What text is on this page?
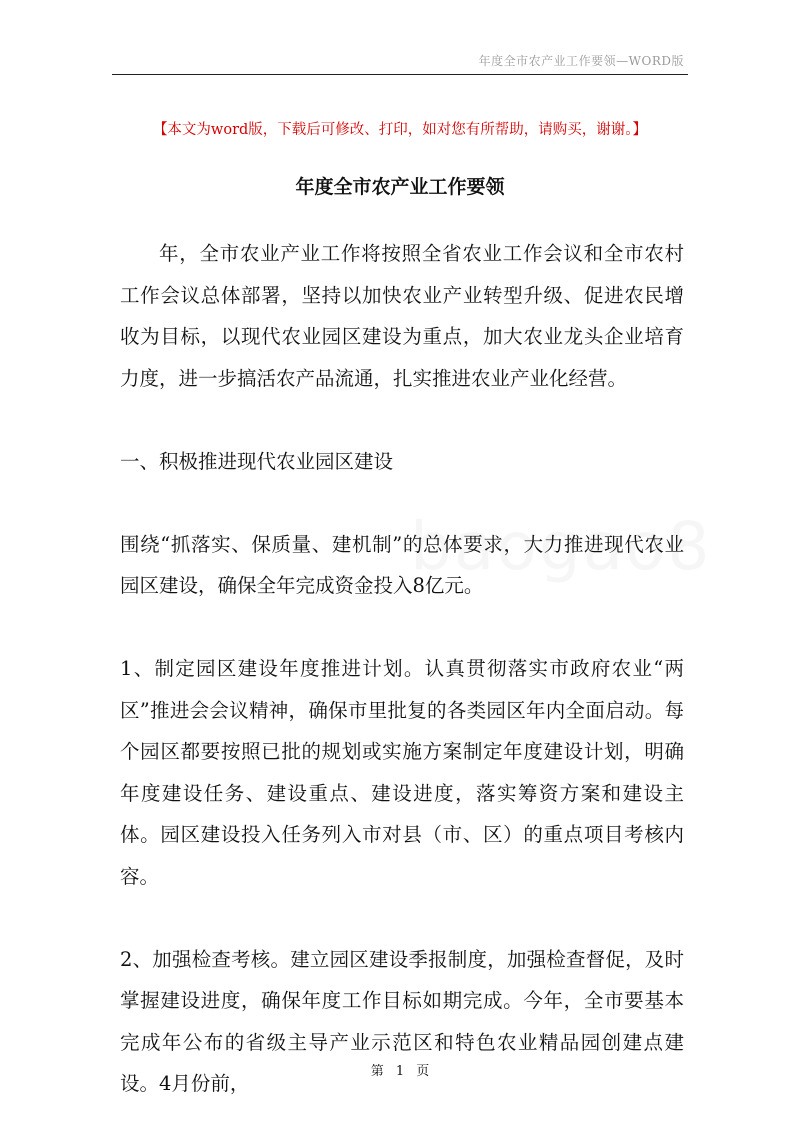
年度全市农产业工作要领—WORD版
【本文为word版，下载后可修改、打印，如对您有所帮助，请购买，谢谢。】
年度全市农产业工作要领

年，全市农业产业工作将按照全省农业工作会议和全市农村工作会议总体部署，坚持以加快农业产业转型升级、促进农民增收为目标，以现代农业园区建设为重点，加大农业龙头企业培育力度，进一步搞活农产品流通，扎实推进农业产业化经营。

一、积极推进现代农业园区建设

围绕“抓落实、保质量、建机制”的总体要求，大力推进现代农业园区建设，确保全年完成资金投入8亿元。

1、制定园区建设年度推进计划。认真贯彻落实市政府农业“两区”推进会会议精神，确保市里批复的各类园区年内全面启动。每个园区都要按照已批的规划或实施方案制定年度建设计划，明确年度建设任务、建设重点、建设进度，落实筹资方案和建设主体。园区建设投入任务列入市对县（市、区）的重点项目考核内容。

2、加强检查考核。建立园区建设季报制度，加强检查督促，及时掌握建设进度，确保年度工作目标如期完成。今年，全市要基本完成年公布的省级主导产业示范区和特色农业精品园创建点建设。4月份前，

第 1 页
